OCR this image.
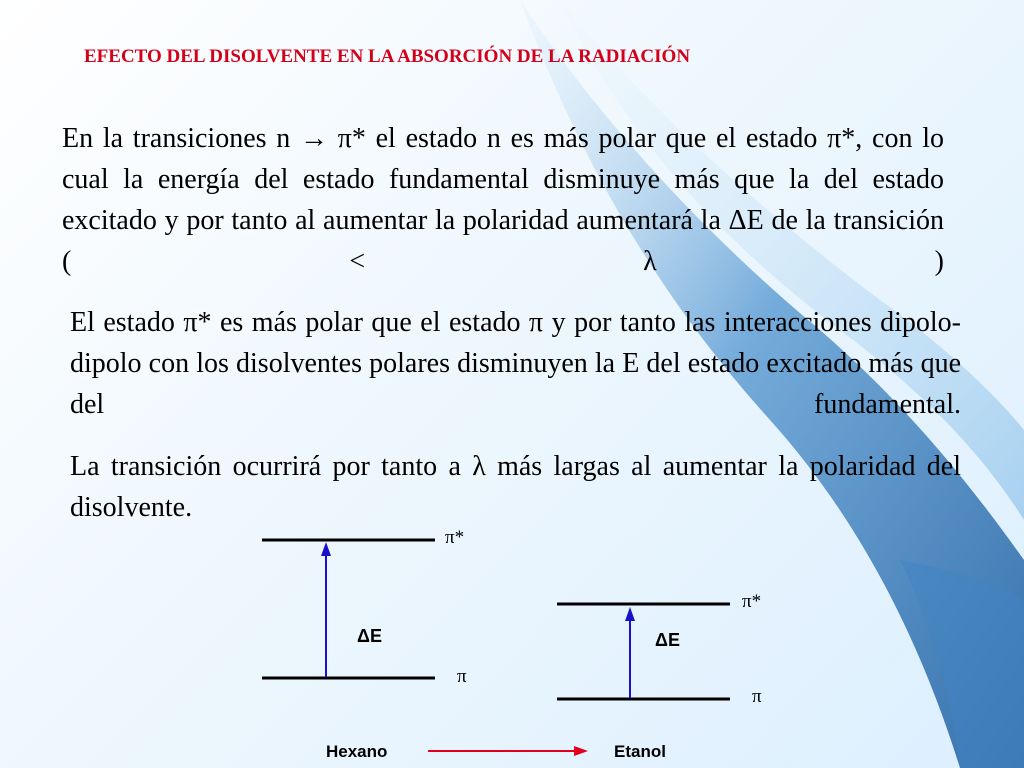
EFECTO DEL DISOLVENTE EN LA ABSORCIÓN DE LA RADIACIÓN
En la transiciones n → π* el estado n es más polar que el estado π*, con lo cual la energía del estado fundamental disminuye más que la del estado excitado y por tanto al aumentar la polaridad aumentará la ΔE de la transición ( < λ )
El estado π* es más polar que el estado π y por tanto las interacciones dipolo-dipolo con los disolventes polares disminuyen la E del estado excitado más que del fundamental.
La transición ocurrirá por tanto a λ más largas al aumentar la polaridad del disolvente.
π*
π
ΔE
π*
π
ΔE
Hexano	Etanol
